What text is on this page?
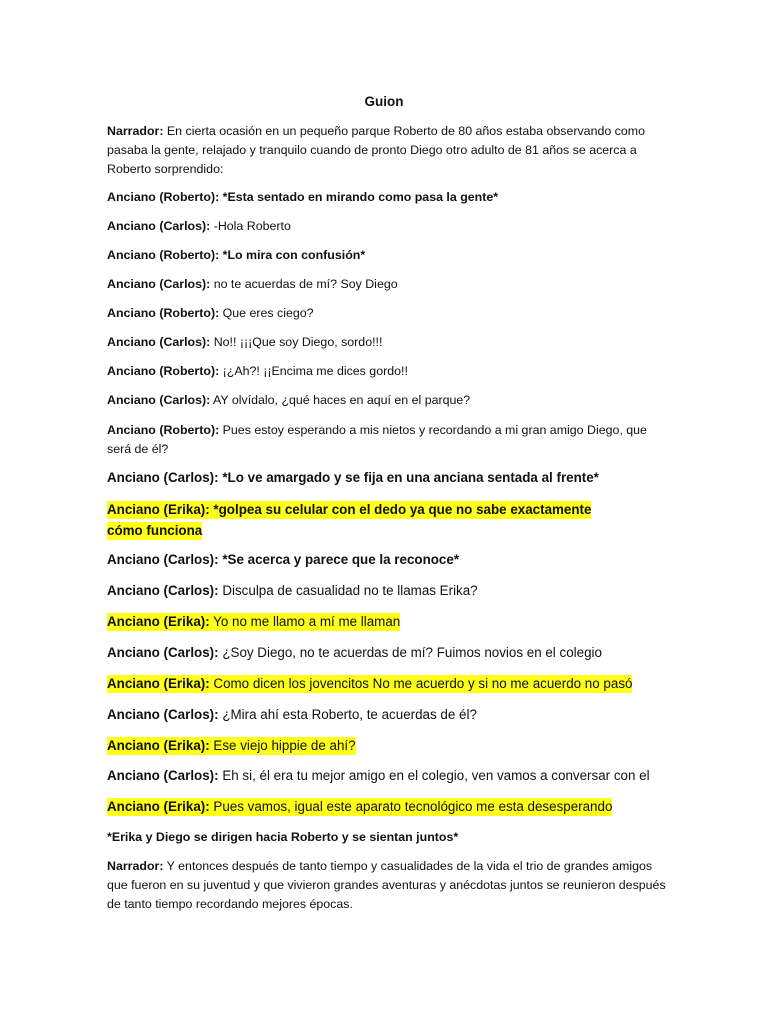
Guion
Narrador: En cierta ocasión en un pequeño parque Roberto de 80 años estaba observando como pasaba la gente, relajado y tranquilo cuando de pronto Diego otro adulto de 81 años se acerca a Roberto sorprendido:
Anciano (Roberto): *Esta sentado en mirando como pasa la gente*
Anciano (Carlos): -Hola Roberto
Anciano (Roberto): *Lo mira con confusión*
Anciano (Carlos): no te acuerdas de mí? Soy Diego
Anciano (Roberto): Que eres ciego?
Anciano (Carlos): No!! ¡¡¡Que soy Diego, sordo!!!
Anciano (Roberto): ¡¿Ah?! ¡¡Encima me dices gordo!!
Anciano (Carlos): AY olvídalo, ¿qué haces en aquí en el parque?
Anciano (Roberto): Pues estoy esperando a mis nietos y recordando a mi gran amigo Diego, que será de él?
Anciano (Carlos): *Lo ve amargado y se fija en una anciana sentada al frente*
Anciano (Erika): *golpea su celular con el dedo ya que no sabe exactamente cómo funciona
Anciano (Carlos): *Se acerca y parece que la reconoce*
Anciano (Carlos): Disculpa de casualidad no te llamas Erika?
Anciano (Erika): Yo no me llamo a mí me llaman
Anciano (Carlos): ¿Soy Diego, no te acuerdas de mí? Fuimos novios en el colegio
Anciano (Erika): Como dicen los jovencitos No me acuerdo y si no me acuerdo no pasó
Anciano (Carlos): ¿Mira ahí esta Roberto, te acuerdas de él?
Anciano (Erika): Ese viejo hippie de ahí?
Anciano (Carlos): Eh si, él era tu mejor amigo en el colegio, ven vamos a conversar con el
Anciano (Erika): Pues vamos, igual este aparato tecnológico me esta desesperando
*Erika y Diego se dirigen hacia Roberto y se sientan juntos*
Narrador: Y entonces después de tanto tiempo y casualidades de la vida el trio de grandes amigos que fueron en su juventud y que vivieron grandes aventuras y anécdotas juntos se reunieron después de tanto tiempo recordando mejores épocas.
